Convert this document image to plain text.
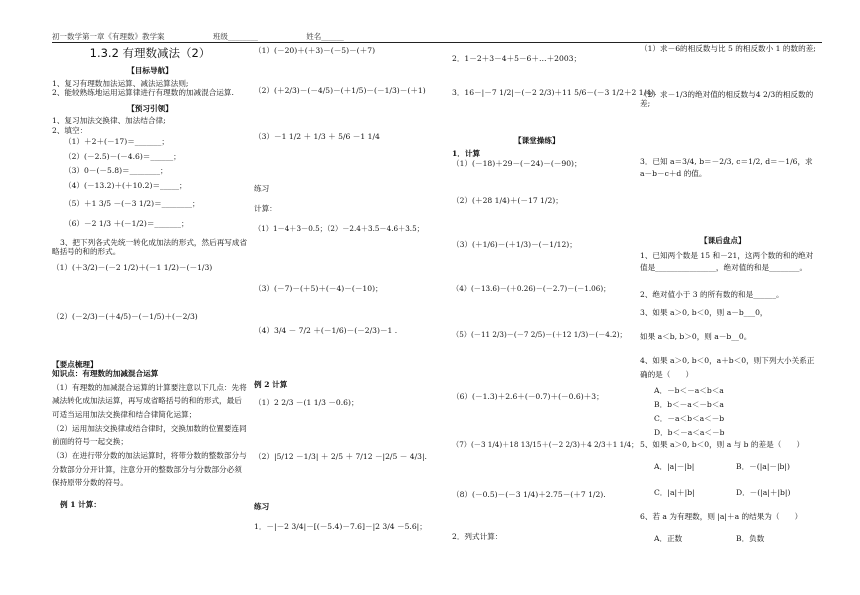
初一数学第一章《有理数》教学案	班级________	姓名______
1.3.2 有理数减法（2）
【目标导航】
1、复习有理数加法运算、减法运算法则;
2、能较熟练地运用运算律进行有理数的加减混合运算.
【预习引领】
1、复习加法交换律、加法结合律;
2、填空：
（1）＋2＋(－17)＝_______；
（2）(－2.5)－(－4.6)＝______；
（3）0－(－5.8)＝________；
（4）(－13.2)＋(＋10.2)＝_____；
（5）＋1 3/5 －(－3 1/2)＝________；
（6）－2 1/3 ＋(－1/2)＝_______；
3、把下列各式先统一转化成加法的形式，然后再写成省略括号的和的形式。
（1）(＋3/2)－(－2 1/2)＋(－1 1/2)－(－1/3)
（2）(－2/3)－(＋4/5)－(－1/5)＋(－2/3)
【要点梳理】
知识点：有理数的加减混合运算
（1）有理数的加减混合运算的计算要注意以下几点：先将减法转化成加法运算，再写成省略括号的和的形式，最后可适当运用加法交换律和结合律简化运算；
（2）运用加法交换律或结合律时，交换加数的位置要连同前面的符号一起交换；
（3）在进行带分数的加法运算时，将带分数的整数部分与分数部分分开计算，注意分开的整数部分与分数部分必须保持原带分数的符号。
例 1 计算：
（1）(－20)＋(＋3)－(－5)－(＋7)
（2）(＋2/3)－(－4/5)－(＋1/5)－(－1/3)－(＋1)
（3）－1 1/2 ＋ 1/3 ＋ 5/6 －1 1/4
练习
计算：
（1）1－4＋3－0.5；（2）－2.4＋3.5－4.6＋3.5；
（3）(－7)－(＋5)＋(－4)－(－10)；
（4）3/4 － 7/2 ＋(－1/6)－(－2/3)－1 .
例 2 计算
（1）2 2/3 －(1 1/3 －0.6)；
（2）|5/12 －1/3| ＋ 2/5 ＋ 7/12 －|2/5 － 4/3|.
练习
1．－|－2 3/4|－[(－5.4)－7.6]－|2 3/4 －5.6|；
2．1－2＋3－4＋5－6＋…＋2003；
3．16－|－7 1/2|－(－2 2/3)＋11 5/6－(－3 1/2＋2 1/4).
【课堂操练】
1．计算
（1）(－18)＋29－(－24)－(－90)；
（2）(＋28 1/4)＋(－17 1/2)；
（3）(＋1/6)－(＋1/3)－(－1/12)；
（4）(－13.6)－(＋0.26)－(－2.7)－(－1.06)；
（5）(－11 2/3)－(－7 2/5)－(＋12 1/3)－(－4.2)；
（6）(－1.3)＋2.6＋(－0.7)＋(－0.6)＋3；
（7）(－3 1/4)＋18 13/15＋(－2 2/3)＋4 2/3＋1 1/4；
（8）(－0.5)－(－3 1/4)＋2.75－(＋7 1/2).
2．列式计算：
（1）求－6的相反数与比 5 的相反数小 1 的数的差;
（2）求－1/3的绝对值的相反数与4 2/3的相反数的差;
3．已知 a＝3/4, b＝－2/3, c＝1/2, d＝－1/6，求 a－b－c＋d 的值。
【课后盘点】
1、已知两个数是 15 和－21，这两个数的和的绝对值是________________，绝对值的和是________。
2、绝对值小于 3 的所有数的和是______。
3、如果 a＞0, b＜0，则 a－b___0，
如果 a＜b, b＞0，则 a－b__0。
4、如果 a＞0, b＜0，a＋b＜0，则下列大小关系正确的是（　　）
A．－b＜－a＜b＜a
B．b＜－a＜－b＜a
C．－a＜b＜a＜－b
D．b＜－a＜a＜－b
5、如果 a＞0, b＜0，则 a 与 b 的差是（　　）
A．|a|－|b|	B．－(|a|－|b|)
C．|a|＋|b|	D．－(|a|＋|b|)
6、若 a 为有理数，则 |a|＋a 的结果为（　　）
A．正数	B．负数
